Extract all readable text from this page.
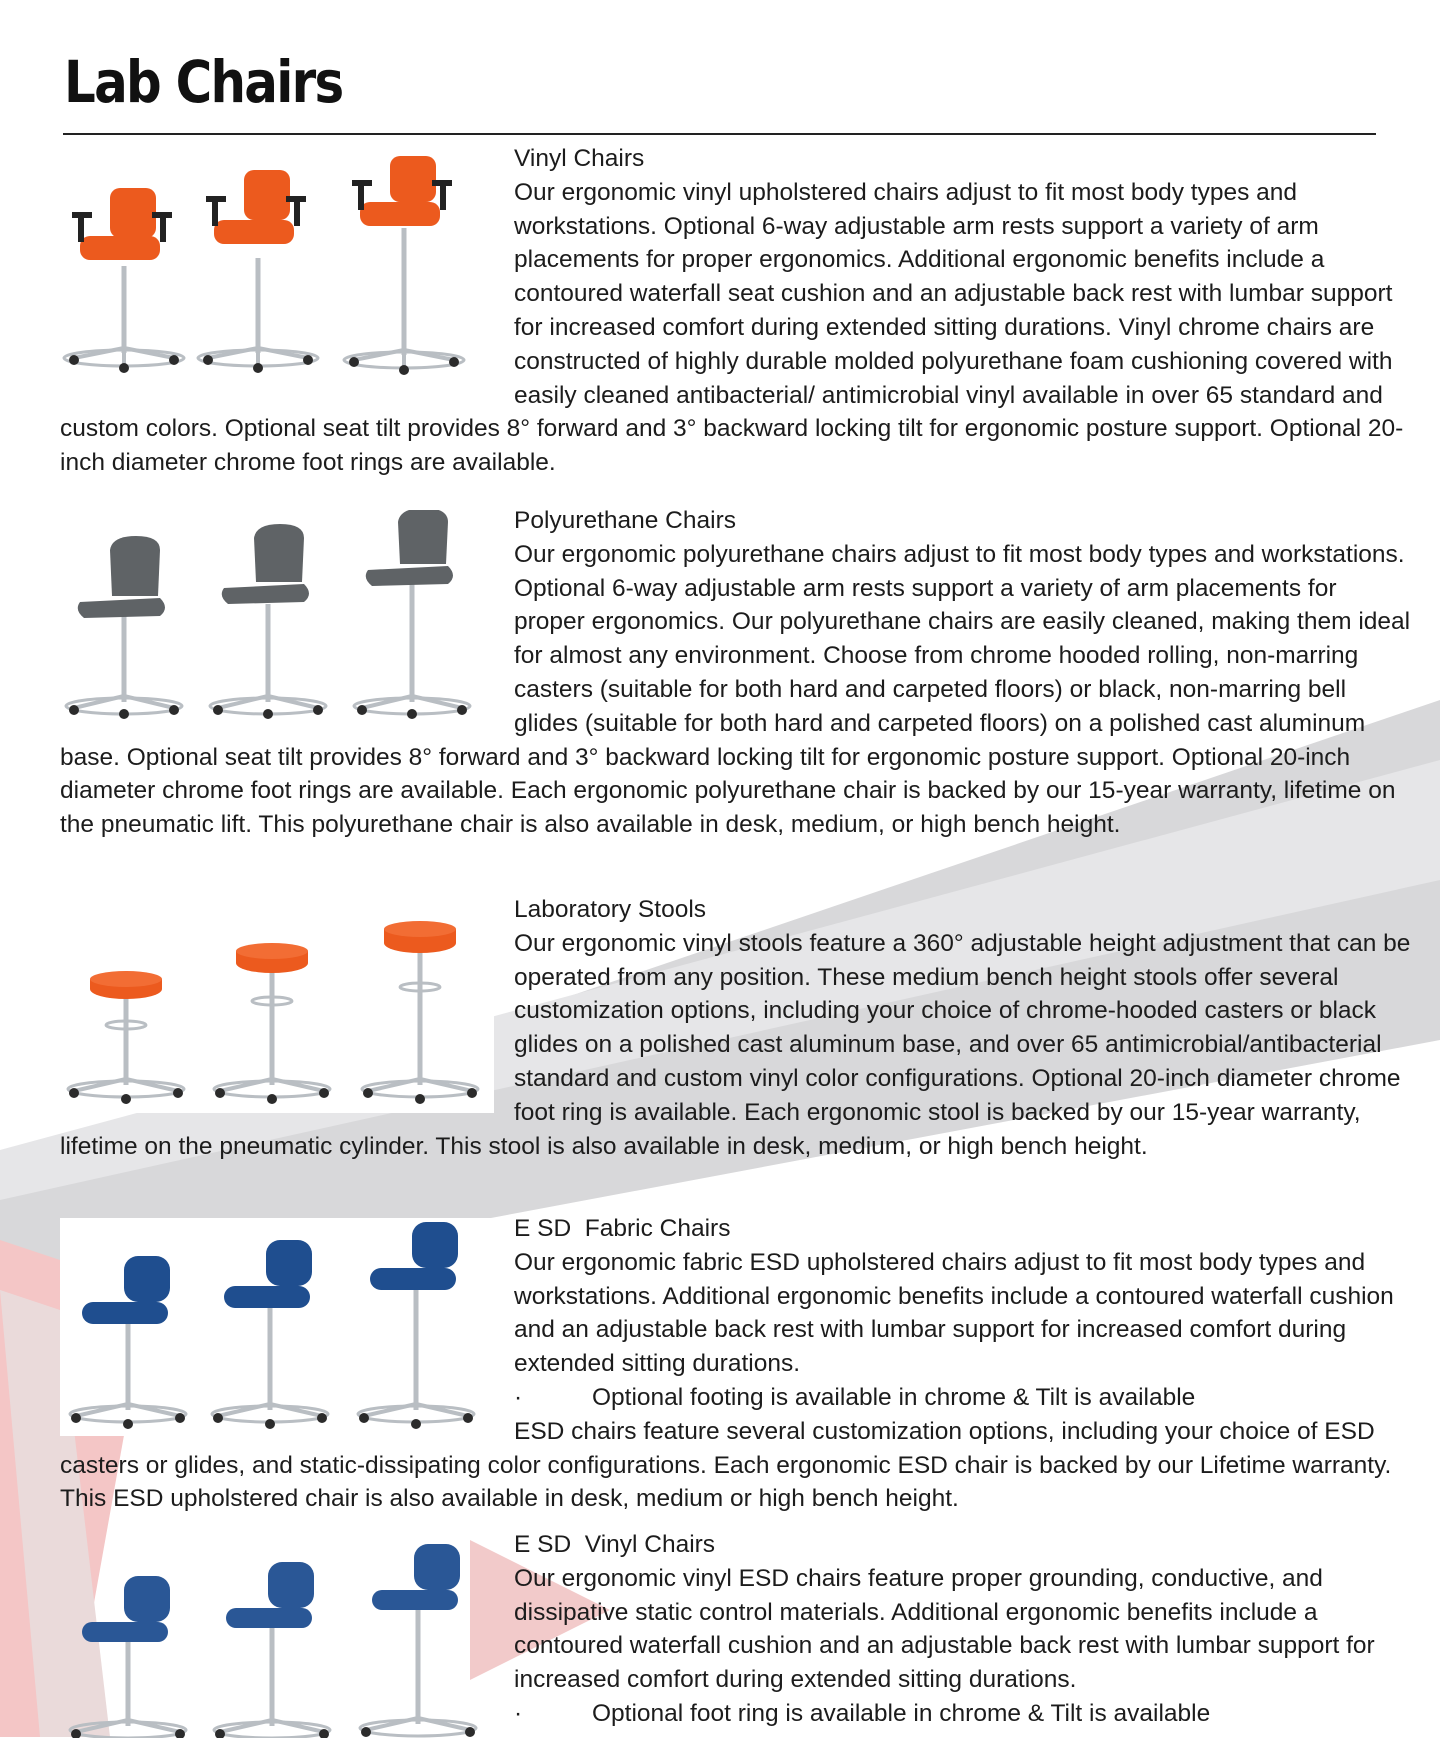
Lab Chairs
Vinyl Chairs

Our ergonomic vinyl upholstered chairs adjust to fit most body types and workstations. Optional 6-way adjustable arm rests support a variety of arm placements for proper ergonomics. Additional ergonomic benefits include a contoured waterfall seat cushion and an adjustable back rest with lumbar support for increased comfort during extended sitting durations. Vinyl chrome chairs are constructed of highly durable molded polyurethane foam cushioning covered with easily cleaned antibacterial/ antimicrobial vinyl available in over 65 standard and custom colors. Optional seat tilt provides 8° forward and 3° backward locking tilt for ergonomic posture support. Optional 20-inch diameter chrome foot rings are available.

Polyurethane Chairs

Our ergonomic polyurethane chairs adjust to fit most body types and workstations. Optional 6-way adjustable arm rests support a variety of arm placements for proper ergonomics. Our polyurethane chairs are easily cleaned, making them ideal for almost any environment. Choose from chrome hooded rolling, non-marring casters (suitable for both hard and carpeted floors) or black, non-marring bell glides (suitable for both hard and carpeted floors) on a polished cast aluminum base. Optional seat tilt provides 8° forward and 3° backward locking tilt for ergonomic posture support. Optional 20-inch diameter chrome foot rings are available. Each ergonomic polyurethane chair is backed by our 15-year warranty, lifetime on the pneumatic lift. This polyurethane chair is also available in desk, medium, or high bench height.

Laboratory Stools

Our ergonomic vinyl stools feature a 360° adjustable height adjustment that can be operated from any position. These medium bench height stools offer several customization options, including your choice of chrome-hooded casters or black glides on a polished cast aluminum base, and over 65 antimicrobial/antibacterial standard and custom vinyl color configurations. Optional 20-inch diameter chrome foot ring is available. Each ergonomic stool is backed by our 15-year warranty, lifetime on the pneumatic cylinder. This stool is also available in desk, medium, or high bench height.

E SD  Fabric Chairs

Our ergonomic fabric ESD upholstered chairs adjust to fit most body types and workstations. Additional ergonomic benefits include a contoured waterfall cushion and an adjustable back rest with lumbar support for increased comfort during extended sitting durations.

·	Optional footing is available in chrome & Tilt is available

ESD chairs feature several customization options, including your choice of ESD casters or glides, and static-dissipating color configurations. Each ergonomic ESD chair is backed by our Lifetime warranty. This ESD upholstered chair is also available in desk, medium or high bench height.

E SD  Vinyl Chairs

Our ergonomic vinyl ESD chairs feature proper grounding, conductive, and dissipative static control materials. Additional ergonomic benefits include a contoured waterfall cushion and an adjustable back rest with lumbar support for increased comfort during extended sitting durations.

·	Optional foot ring is available in chrome & Tilt is available
